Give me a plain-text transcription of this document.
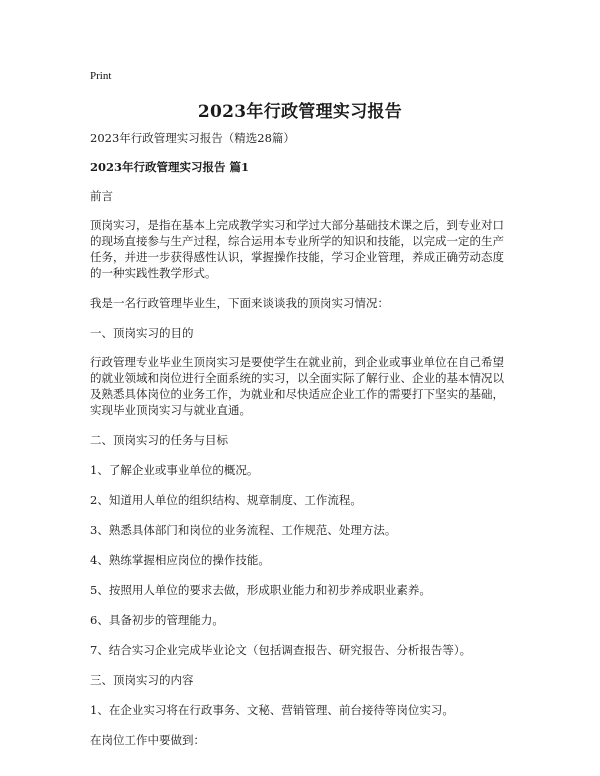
Print
2023年行政管理实习报告

2023年行政管理实习报告（精选28篇）

2023年行政管理实习报告 篇1

前言

顶岗实习，是指在基本上完成教学实习和学过大部分基础技术课之后，到专业对口的现场直接参与生产过程，综合运用本专业所学的知识和技能，以完成一定的生产任务，并进一步获得感性认识，掌握操作技能，学习企业管理，养成正确劳动态度的一种实践性教学形式。

我是一名行政管理毕业生，下面来谈谈我的顶岗实习情况：

一、顶岗实习的目的

行政管理专业毕业生顶岗实习是要使学生在就业前，到企业或事业单位在自己希望的就业领域和岗位进行全面系统的实习，以全面实际了解行业、企业的基本情况以及熟悉具体岗位的业务工作，为就业和尽快适应企业工作的需要打下坚实的基础，实现毕业顶岗实习与就业直通。

二、顶岗实习的任务与目标

1、了解企业或事业单位的概况。

2、知道用人单位的组织结构、规章制度、工作流程。

3、熟悉具体部门和岗位的业务流程、工作规范、处理方法。

4、熟练掌握相应岗位的操作技能。

5、按照用人单位的要求去做，形成职业能力和初步养成职业素养。

6、具备初步的管理能力。

7、结合实习企业完成毕业论文（包括调查报告、研究报告、分析报告等）。

三、顶岗实习的内容

1、在企业实习将在行政事务、文秘、营销管理、前台接待等岗位实习。

在岗位工作中要做到：
